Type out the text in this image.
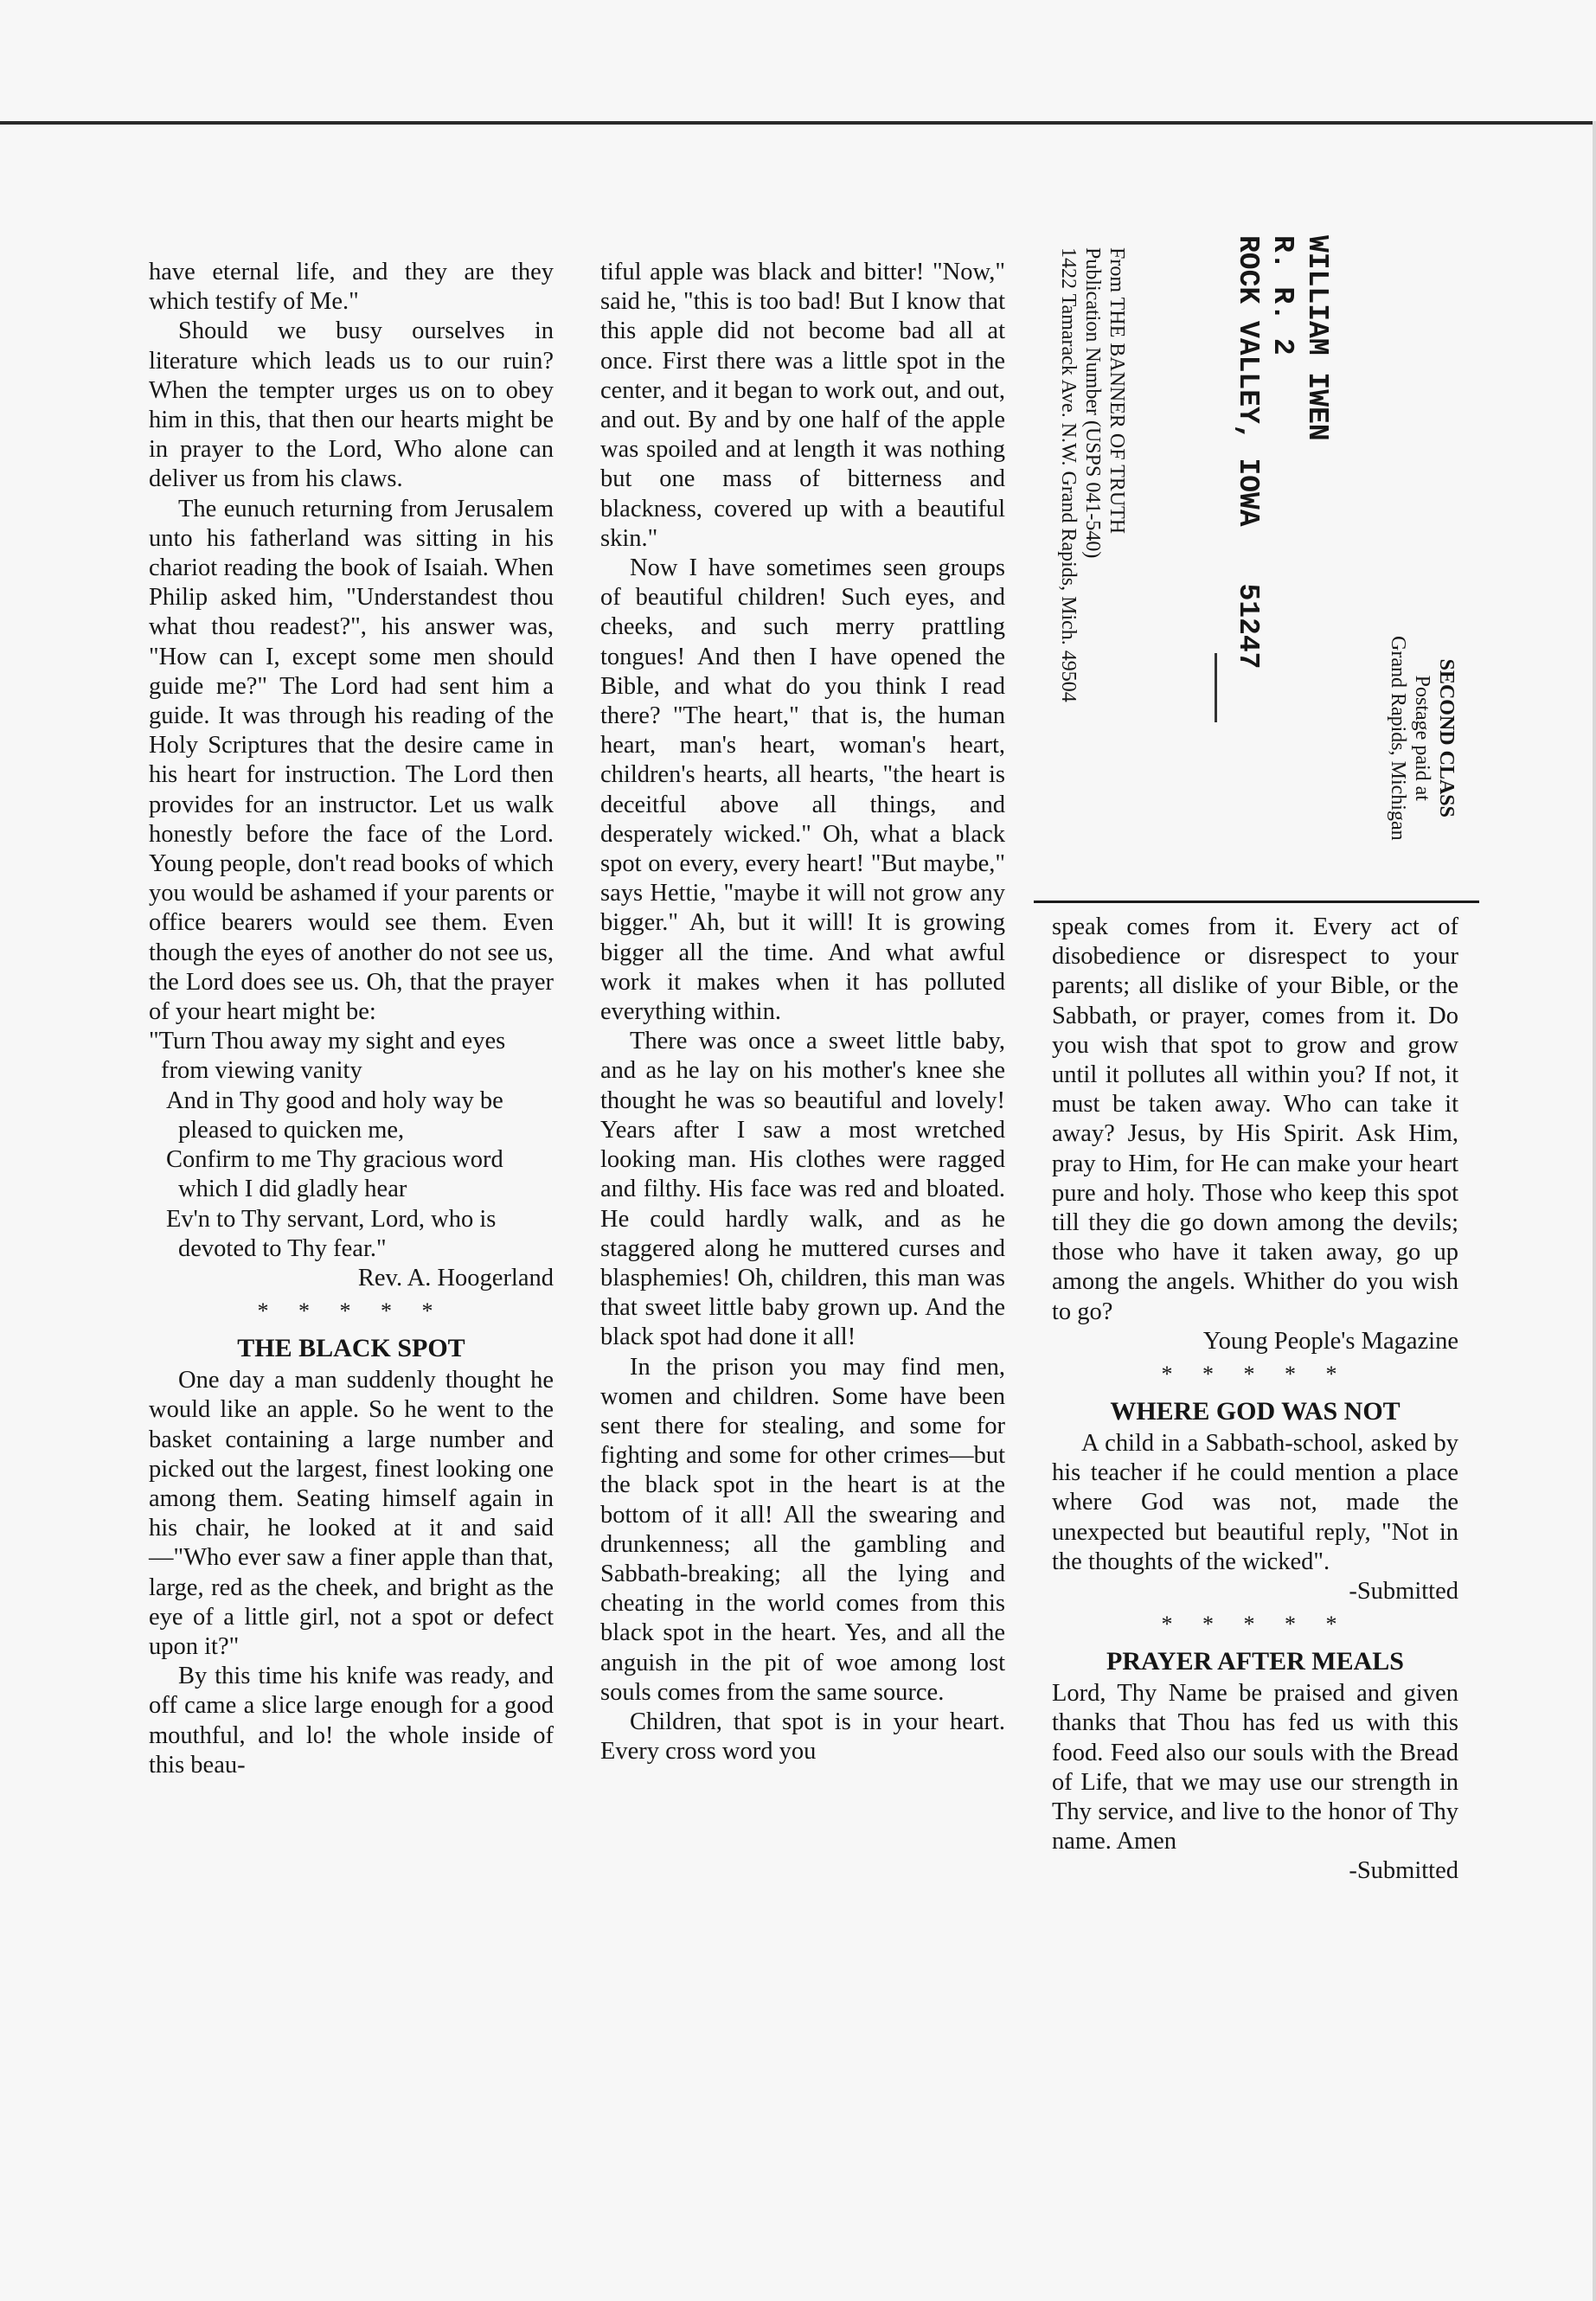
WILLIAM IWEN
R. R. 2
ROCK VALLEY, IOWA 51247
From THE BANNER OF TRUTH
Publication Number (USPS 041-540)
1422 Tamarack Ave. N.W. Grand Rapids, Mich. 49504
SECOND CLASS
Postage paid at
Grand Rapids, Michigan

have eternal life, and they are they which testify of Me."

Should we busy ourselves in literature which leads us to our ruin? When the tempter urges us on to obey him in this, that then our hearts might be in prayer to the Lord, Who alone can deliver us from his claws.

The eunuch returning from Jerusalem unto his fatherland was sitting in his chariot reading the book of Isaiah. When Philip asked him, "Understandest thou what thou readest?", his answer was, "How can I, except some men should guide me?" The Lord had sent him a guide. It was through his reading of the Holy Scriptures that the desire came in his heart for instruction. The Lord then provides for an instructor. Let us walk honestly before the face of the Lord. Young people, don't read books of which you would be ashamed if your parents or office bearers would see them. Even though the eyes of another do not see us, the Lord does see us. Oh, that the prayer of your heart might be:

"Turn Thou away my sight and eyes from viewing vanity

And in Thy good and holy way be pleased to quicken me,

Confirm to me Thy gracious word which I did gladly hear

Ev'n to Thy servant, Lord, who is devoted to Thy fear."

Rev. A. Hoogerland

* * * * *
THE BLACK SPOT

One day a man suddenly thought he would like an apple. So he went to the basket containing a large number and picked out the largest, finest looking one among them. Seating himself again in his chair, he looked at it and said—"Who ever saw a finer apple than that, large, red as the cheek, and bright as the eye of a little girl, not a spot or defect upon it?"

By this time his knife was ready, and off came a slice large enough for a good mouthful, and lo! the whole inside of this beau-

tiful apple was black and bitter! "Now," said he, "this is too bad! But I know that this apple did not become bad all at once. First there was a little spot in the center, and it began to work out, and out, and out. By and by one half of the apple was spoiled and at length it was nothing but one mass of bitterness and blackness, covered up with a beautiful skin."

Now I have sometimes seen groups of beautiful children! Such eyes, and cheeks, and such merry prattling tongues! And then I have opened the Bible, and what do you think I read there? "The heart," that is, the human heart, man's heart, woman's heart, children's hearts, all hearts, "the heart is deceitful above all things, and desperately wicked." Oh, what a black spot on every, every heart! "But maybe," says Hettie, "maybe it will not grow any bigger." Ah, but it will! It is growing bigger all the time. And what awful work it makes when it has polluted everything within.

There was once a sweet little baby, and as he lay on his mother's knee she thought he was so beautiful and lovely! Years after I saw a most wretched looking man. His clothes were ragged and filthy. His face was red and bloated. He could hardly walk, and as he staggered along he muttered curses and blasphemies! Oh, children, this man was that sweet little baby grown up. And the black spot had done it all!

In the prison you may find men, women and children. Some have been sent there for stealing, and some for fighting and some for other crimes—but the black spot in the heart is at the bottom of it all! All the swearing and drunkenness; all the gambling and Sabbath-breaking; all the lying and cheating in the world comes from this black spot in the heart. Yes, and all the anguish in the pit of woe among lost souls comes from the same source.

Children, that spot is in your heart. Every cross word you

speak comes from it. Every act of disobedience or disrespect to your parents; all dislike of your Bible, or the Sabbath, or prayer, comes from it. Do you wish that spot to grow and grow until it pollutes all within you? If not, it must be taken away. Who can take it away? Jesus, by His Spirit. Ask Him, pray to Him, for He can make your heart pure and holy. Those who keep this spot till they die go down among the devils; those who have it taken away, go up among the angels. Whither do you wish to go?

Young People's Magazine

* * * * *
WHERE GOD WAS NOT

A child in a Sabbath-school, asked by his teacher if he could mention a place where God was not, made the unexpected but beautiful reply, "Not in the thoughts of the wicked".

-Submitted

* * * * *
PRAYER AFTER MEALS

Lord, Thy Name be praised and given thanks that Thou has fed us with this food. Feed also our souls with the Bread of Life, that we may use our strength in Thy service, and live to the honor of Thy name. Amen

-Submitted
